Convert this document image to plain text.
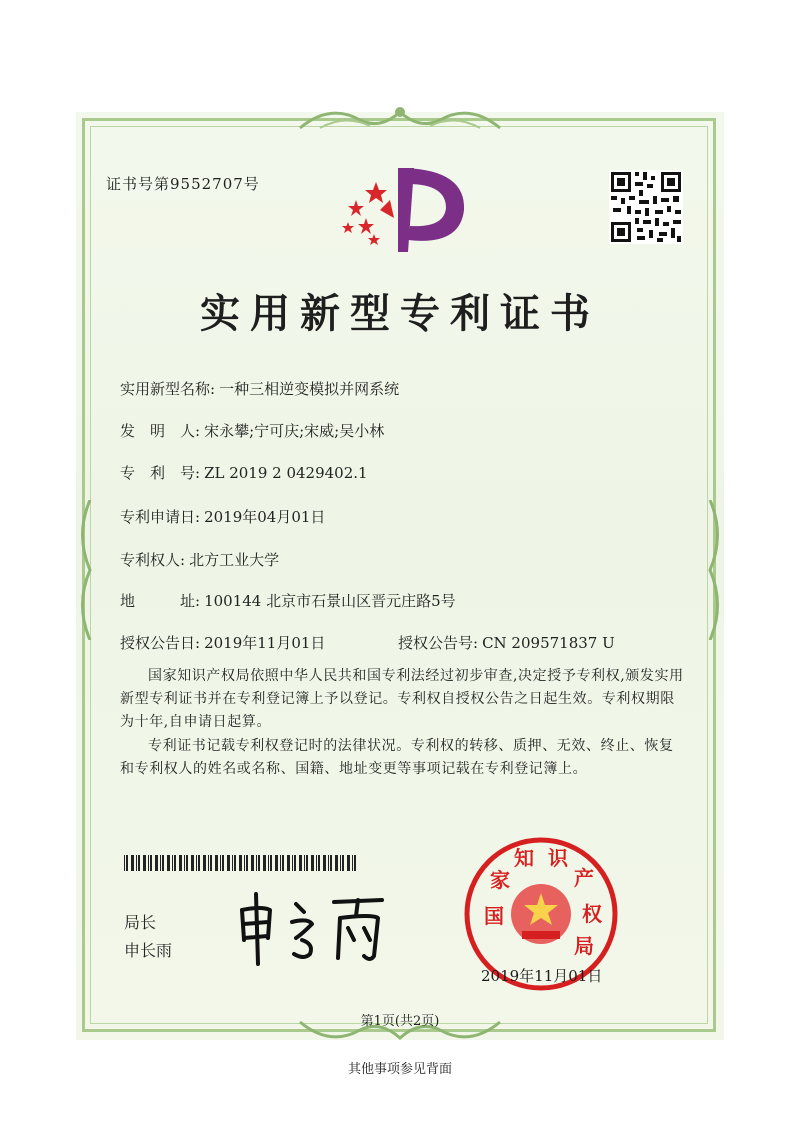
证书号第9552707号
实用新型专利证书
实用新型名称: 一种三相逆变模拟并网系统
发　明　人: 宋永攀;宁可庆;宋威;吴小林
专　利　号: ZL 2019 2 0429402.1
专利申请日: 2019年04月01日
专利权人: 北方工业大学
地　　　址: 100144 北京市石景山区晋元庄路5号
授权公告日: 2019年11月01日	授权公告号: CN 209571837 U
国家知识产权局依照中华人民共和国专利法经过初步审查,决定授予专利权,颁发实用新型专利证书并在专利登记簿上予以登记。专利权自授权公告之日起生效。专利权期限为十年,自申请日起算。
专利证书记载专利权登记时的法律状况。专利权的转移、质押、无效、终止、恢复和专利权人的姓名或名称、国籍、地址变更等事项记载在专利登记簿上。
局长
申长雨
国
家
知 识
产
权
局
2019年11月01日
第1页(共2页)
其他事项参见背面
